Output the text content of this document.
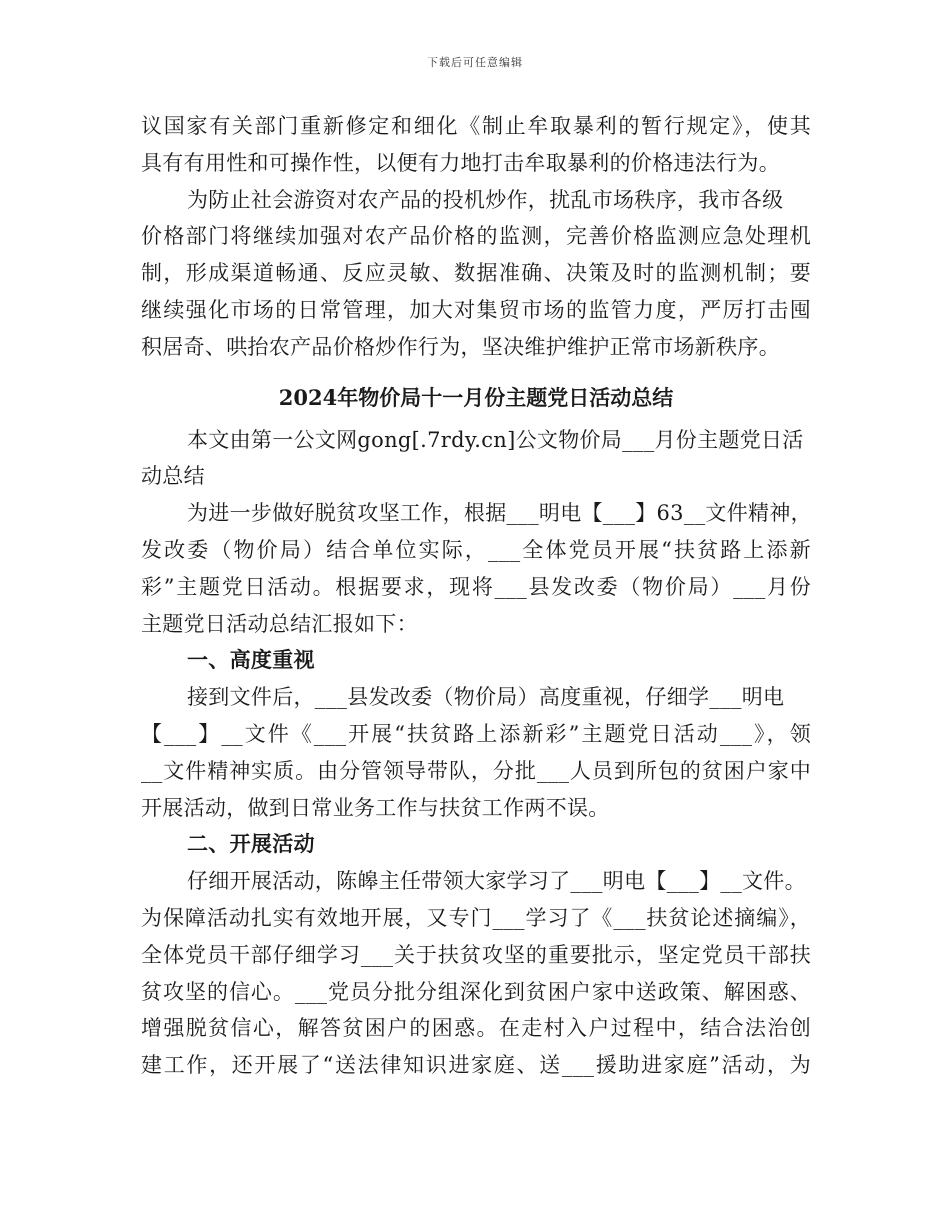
下载后可任意编辑
议国家有关部门重新修定和细化《制止牟取暴利的暂行规定》，使其
具有有用性和可操作性，以便有力地打击牟取暴利的价格违法行为。
为防止社会游资对农产品的投机炒作，扰乱市场秩序，我市各级
价格部门将继续加强对农产品价格的监测，完善价格监测应急处理机
制，形成渠道畅通、反应灵敏、数据准确、决策及时的监测机制；要
继续强化市场的日常管理，加大对集贸市场的监管力度，严厉打击囤
积居奇、哄抬农产品价格炒作行为，坚决维护维护正常市场新秩序。
2024年物价局十一月份主题党日活动总结
本文由第一公文网gong[.7rdy.cn]公文物价局___月份主题党日活
动总结
为进一步做好脱贫攻坚工作，根据___明电【___】63__文件精神，
发改委（物价局）结合单位实际，___全体党员开展“扶贫路上添新
彩”主题党日活动。根据要求，现将___县发改委（物价局）___月份
主题党日活动总结汇报如下：
一、高度重视
接到文件后，___县发改委（物价局）高度重视，仔细学___明电
【___】__文件《___开展“扶贫路上添新彩”主题党日活动___》，领
__文件精神实质。由分管领导带队，分批___人员到所包的贫困户家中
开展活动，做到日常业务工作与扶贫工作两不误。
二、开展活动
仔细开展活动，陈皞主任带领大家学习了___明电【___】__文件。
为保障活动扎实有效地开展，又专门___学习了《___扶贫论述摘编》，
全体党员干部仔细学习___关于扶贫攻坚的重要批示，坚定党员干部扶
贫攻坚的信心。___党员分批分组深化到贫困户家中送政策、解困惑、
增强脱贫信心，解答贫困户的困惑。在走村入户过程中，结合法治创
建工作，还开展了“送法律知识进家庭、送___援助进家庭”活动，为
